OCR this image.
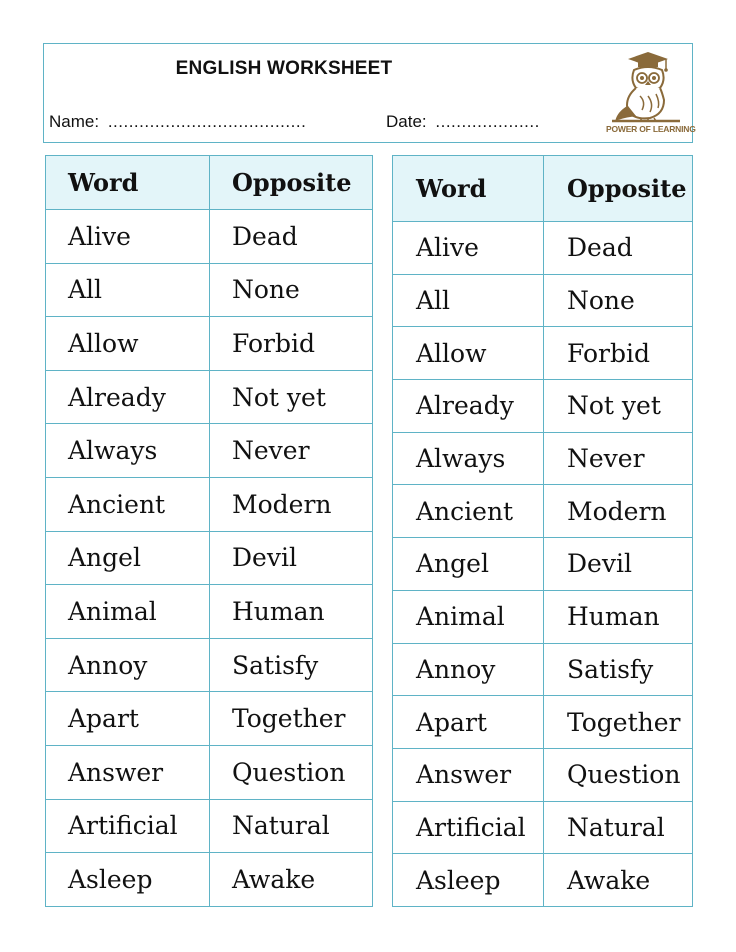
ENGLISH WORKSHEET
Name: ......................................	Date: ....................	POWER OF LEARNING
Word	Opposite
Alive	Dead
All	None
Allow	Forbid
Already	Not yet
Always	Never
Ancient	Modern
Angel	Devil
Animal	Human
Annoy	Satisfy
Apart	Together
Answer	Question
Artificial	Natural
Asleep	Awake
Word	Opposite
Alive	Dead
All	None
Allow	Forbid
Already	Not yet
Always	Never
Ancient	Modern
Angel	Devil
Animal	Human
Annoy	Satisfy
Apart	Together
Answer	Question
Artificial	Natural
Asleep	Awake
